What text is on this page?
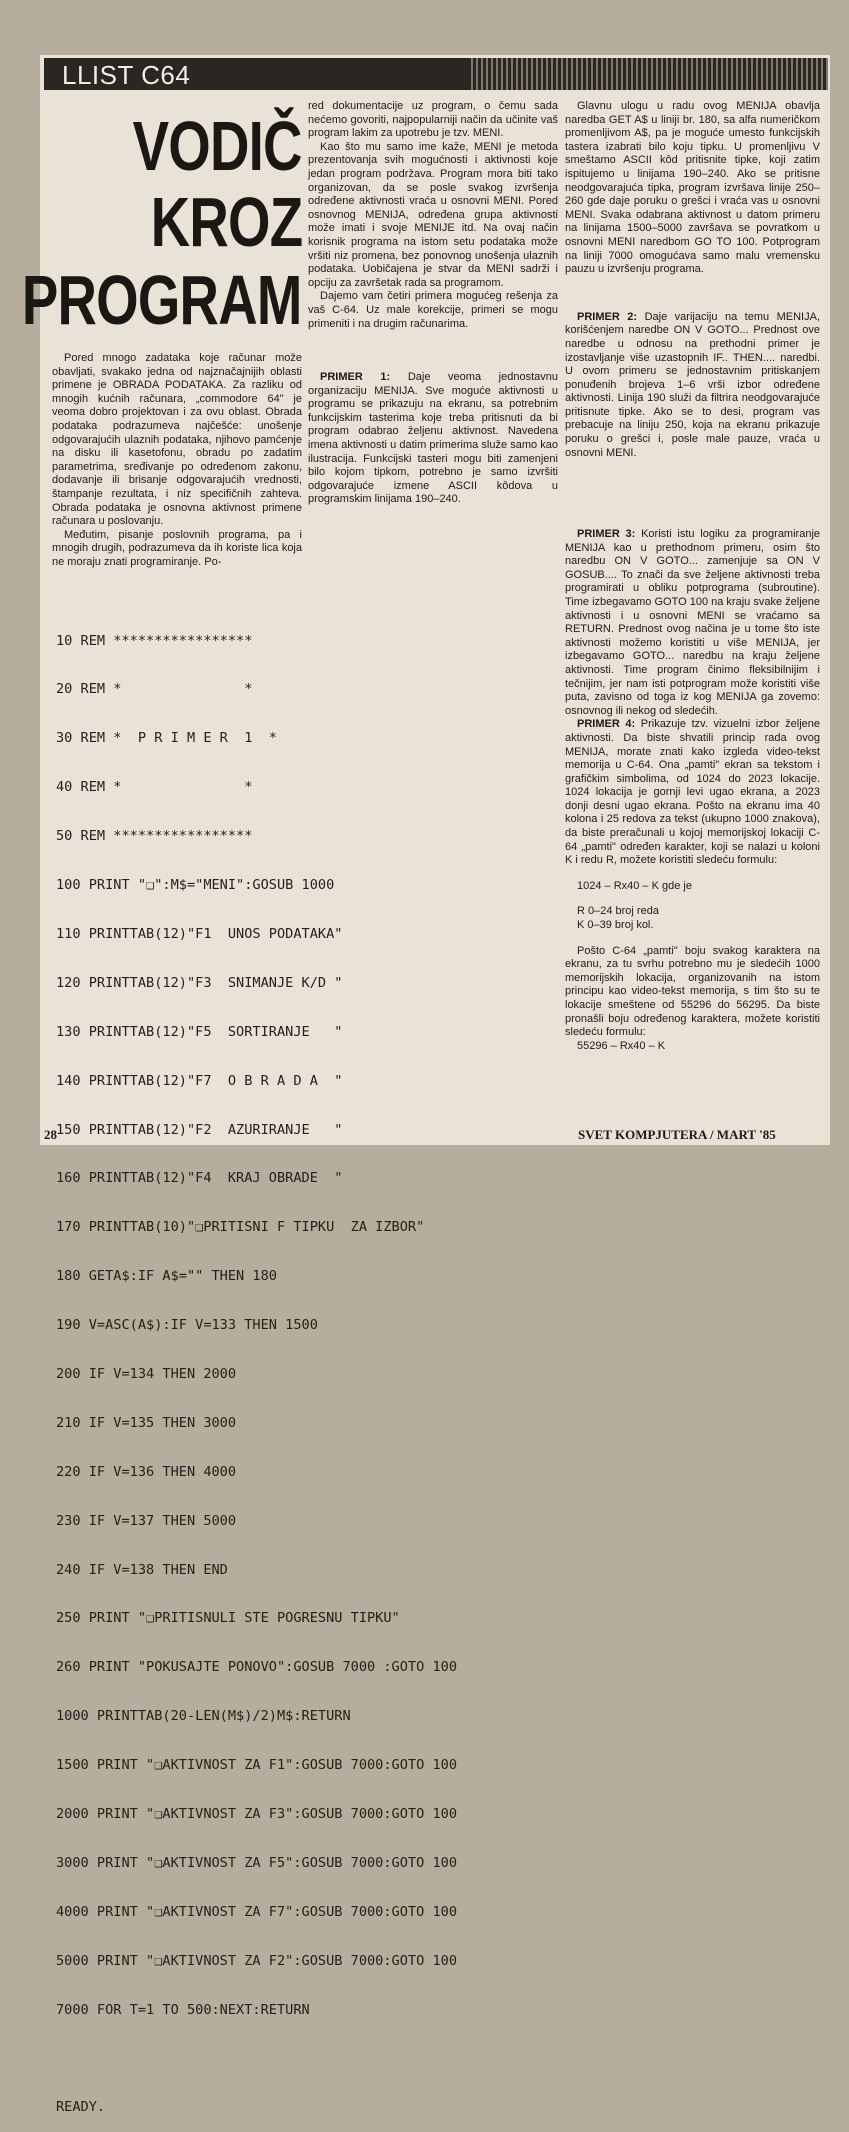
LLIST C64
VODIČ
KROZ
PROGRAM

Pored mnogo zadataka koje računar može obavljati, svakako jedna od najznačajnijih oblasti primene je OBRADA PODATAKA. Za razliku od mnogih kućnih računara, „commodore 64" je veoma dobro projektovan i za ovu oblast. Obrada podataka podrazumeva najčešće: unošenje odgovarajućih ulaznih podataka, njihovo pamćenje na disku ili kasetofonu, obradu po zadatim parametrima, sređivanje po određenom zakonu, dodavanje ili brisanje odgovarajućih vrednosti, štampanje rezultata, i niz specifičnih zahteva. Obrada podataka je osnovna aktivnost primene računara u poslovanju.

Međutim, pisanje poslovnih programa, pa i mnogih drugih, podrazumeva da ih koriste lica koja ne moraju znati programiranje. Po-

red dokumentacije uz program, o čemu sada nećemo govoriti, najpopularniji način da učinite vaš program lakim za upotrebu je tzv. MENI.

Kao što mu samo ime kaže, MENI je metoda prezentovanja svih mogućnosti i aktivnosti koje jedan program podržava. Program mora biti tako organizovan, da se posle svakog izvršenja određene aktivnosti vraća u osnovni MENI. Pored osnovnog MENIJA, određena grupa aktivnosti može imati i svoje MENIJE itd. Na ovaj način korisnik programa na istom setu podataka može vršiti niz promena, bez ponovnog unošenja ulaznih podataka. Uobičajena je stvar da MENI sadrži i opciju za završetak rada sa programom.

Dajemo vam četiri primera mogućeg rešenja za vaš C-64. Uz male korekcije, primeri se mogu primeniti i na drugim računarima.

PRIMER 1: Daje veoma jednostavnu organizaciju MENIJA. Sve moguće aktivnosti u programu se prikazuju na ekranu, sa potrebnim funkcijskim tasterima koje treba pritisnuti da bi program odabrao željenu aktivnost. Navedena imena aktivnosti u datim primerima služe samo kao ilustracija. Funkcijski tasteri mogu biti zamenjeni bilo kojom tipkom, potrebno je samo izvršiti odgovarajuće izmene ASCII kôdova u programskim linijama 190–240.

Glavnu ulogu u radu ovog MENIJA obavlja naredba GET A$ u liniji br. 180, sa alfa numeričkom promenljivom A$, pa je moguće umesto funkcijskih tastera izabrati bilo koju tipku. U promenljivu V smeštamo ASCII kôd pritisnite tipke, koji zatim ispitujemo u linijama 190–240. Ako se pritisne neodgovarajuća tipka, program izvršava linije 250–260 gde daje poruku o grešci i vraća vas u osnovni MENI. Svaka odabrana aktivnost u datom primeru na linijama 1500–5000 završava se povratkom u osnovni MENI naredbom GO TO 100. Potprogram na liniji 7000 omogućava samo malu vremensku pauzu u izvršenju programa.

PRIMER 2: Daje varijaciju na temu MENIJA, korišćenjem naredbe ON V GOTO... Prednost ove naredbe u odnosu na prethodni primer je izostavljanje više uzastopnih IF.. THEN.... naredbi. U ovom primeru se jednostavnim pritiskanjem ponuđenih brojeva 1–6 vrši izbor određene aktivnosti. Linija 190 služi da filtrira neodgovarajuće pritisnute tipke. Ako se to desi, program vas prebacuje na liniju 250, koja na ekranu prikazuje poruku o grešci i, posle male pauze, vraća u osnovni MENI.

PRIMER 3: Koristi istu logiku za programiranje MENIJA kao u prethodnom primeru, osim što naredbu ON V GOTO... zamenjuje sa ON V GOSUB.... To znači da sve željene aktivnosti treba programirati u obliku potprograma (subroutine). Time izbegavamo GOTO 100 na kraju svake željene aktivnosti i u osnovni MENI se vraćamo sa RETURN. Prednost ovog načina je u tome što iste aktivnosti možemo koristiti u više MENIJA, jer izbegavamo GOTO... naredbu na kraju željene aktivnosti. Time program činimo fleksibilnijim i tečnijim, jer nam isti potprogram može koristiti više puta, zavisno od toga iz kog MENIJA ga zovemo: osnovnog ili nekog od sledećih.

PRIMER 4: Prikazuje tzv. vizuelni izbor željene aktivnosti. Da biste shvatili princip rada ovog MENIJA, morate znati kako izgleda video-tekst memorija u C-64. Ona „pamti" ekran sa tekstom i grafičkim simbolima, od 1024 do 2023 lokacije. 1024 lokacija je gornji levi ugao ekrana, a 2023 donji desni ugao ekrana. Pošto na ekranu ima 40 kolona i 25 redova za tekst (ukupno 1000 znakova), da biste preračunali u kojoj memorijskoj lokaciji C-64 „pamti" određen karakter, koji se nalazi u koloni K i redu R, možete koristiti sledeću formulu:

1024 – Rx40 – K gde je

R 0–24 broj reda

K 0–39 broj kol.

Pošto C-64 „pamti" boju svakog karaktera na ekranu, za tu svrhu potrebno mu je sledećih 1000 memorijskih lokacija, organizovanih na istom principu kao video-tekst memorija, s tim što su te lokacije smeštene od 55296 do 56295. Da biste pronašli boju određenog karaktera, možete koristiti sledeću formulu:

55296 – Rx40 – K

10 REM *****************

20 REM *               *

30 REM *  P R I M E R  1  *

40 REM *               *

50 REM *****************

100 PRINT "❑":M$="MENI":GOSUB 1000

110 PRINTTAB(12)"F1  UNOS PODATAKA"

120 PRINTTAB(12)"F3  SNIMANJE K/D "

130 PRINTTAB(12)"F5  SORTIRANJE   "

140 PRINTTAB(12)"F7  O B R A D A  "

150 PRINTTAB(12)"F2  AZURIRANJE   "

160 PRINTTAB(12)"F4  KRAJ OBRADE  "

170 PRINTTAB(10)"❑PRITISNI F TIPKU  ZA IZBOR"

180 GETA$:IF A$="" THEN 180

190 V=ASC(A$):IF V=133 THEN 1500

200 IF V=134 THEN 2000

210 IF V=135 THEN 3000

220 IF V=136 THEN 4000

230 IF V=137 THEN 5000

240 IF V=138 THEN END

250 PRINT "❑PRITISNULI STE POGRESNU TIPKU"

260 PRINT "POKUSAJTE PONOVO":GOSUB 7000 :GOTO 100

1000 PRINTTAB(20-LEN(M$)/2)M$:RETURN

1500 PRINT "❑AKTIVNOST ZA F1":GOSUB 7000:GOTO 100

2000 PRINT "❑AKTIVNOST ZA F3":GOSUB 7000:GOTO 100

3000 PRINT "❑AKTIVNOST ZA F5":GOSUB 7000:GOTO 100

4000 PRINT "❑AKTIVNOST ZA F7":GOSUB 7000:GOTO 100

5000 PRINT "❑AKTIVNOST ZA F2":GOSUB 7000:GOTO 100

7000 FOR T=1 TO 500:NEXT:RETURN

READY.

28	SVET KOMPJUTERA / MART '85
